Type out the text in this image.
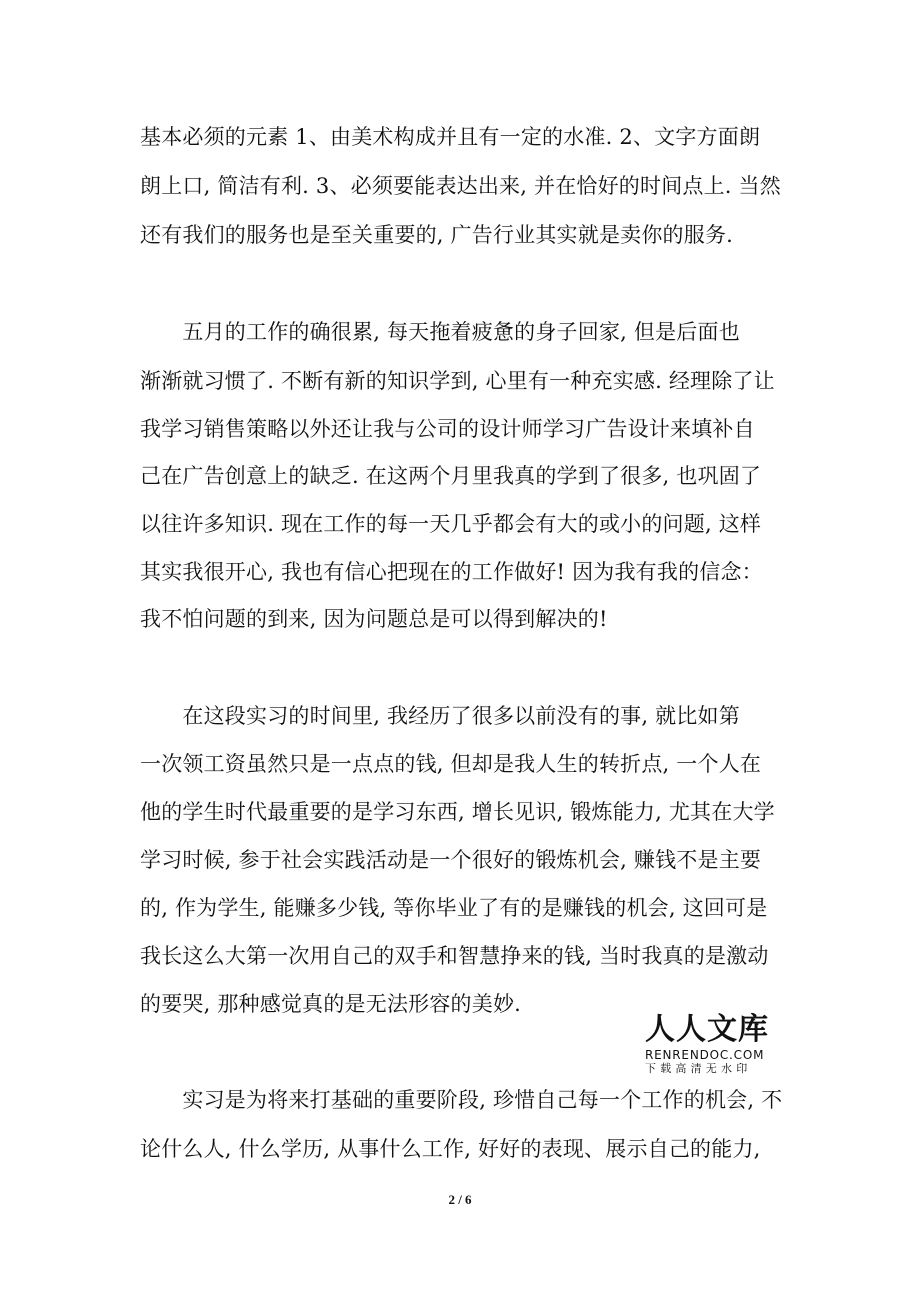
基本必须的元素 1、由美术构成并且有一定的水准. 2、文字方面朗
朗上口, 简洁有利. 3、必须要能表达出来, 并在恰好的时间点上. 当然
还有我们的服务也是至关重要的, 广告行业其实就是卖你的服务.
　　五月的工作的确很累, 每天拖着疲惫的身子回家, 但是后面也
渐渐就习惯了. 不断有新的知识学到, 心里有一种充实感. 经理除了让
我学习销售策略以外还让我与公司的设计师学习广告设计来填补自
己在广告创意上的缺乏. 在这两个月里我真的学到了很多, 也巩固了
以往许多知识. 现在工作的每一天几乎都会有大的或小的问题, 这样
其实我很开心, 我也有信心把现在的工作做好! 因为我有我的信念：
我不怕问题的到来, 因为问题总是可以得到解决的!
　　在这段实习的时间里, 我经历了很多以前没有的事, 就比如第
一次领工资虽然只是一点点的钱, 但却是我人生的转折点, 一个人在
他的学生时代最重要的是学习东西, 增长见识, 锻炼能力, 尤其在大学
学习时候, 参于社会实践活动是一个很好的锻炼机会, 赚钱不是主要
的, 作为学生, 能赚多少钱, 等你毕业了有的是赚钱的机会, 这回可是
我长这么大第一次用自己的双手和智慧挣来的钱, 当时我真的是激动
的要哭, 那种感觉真的是无法形容的美妙.
人人文库
RENRENDOC.COM
下载高清无水印
　　实习是为将来打基础的重要阶段, 珍惜自己每一个工作的机会, 不
论什么人, 什么学历, 从事什么工作, 好好的表现、展示自己的能力,
2 / 6
